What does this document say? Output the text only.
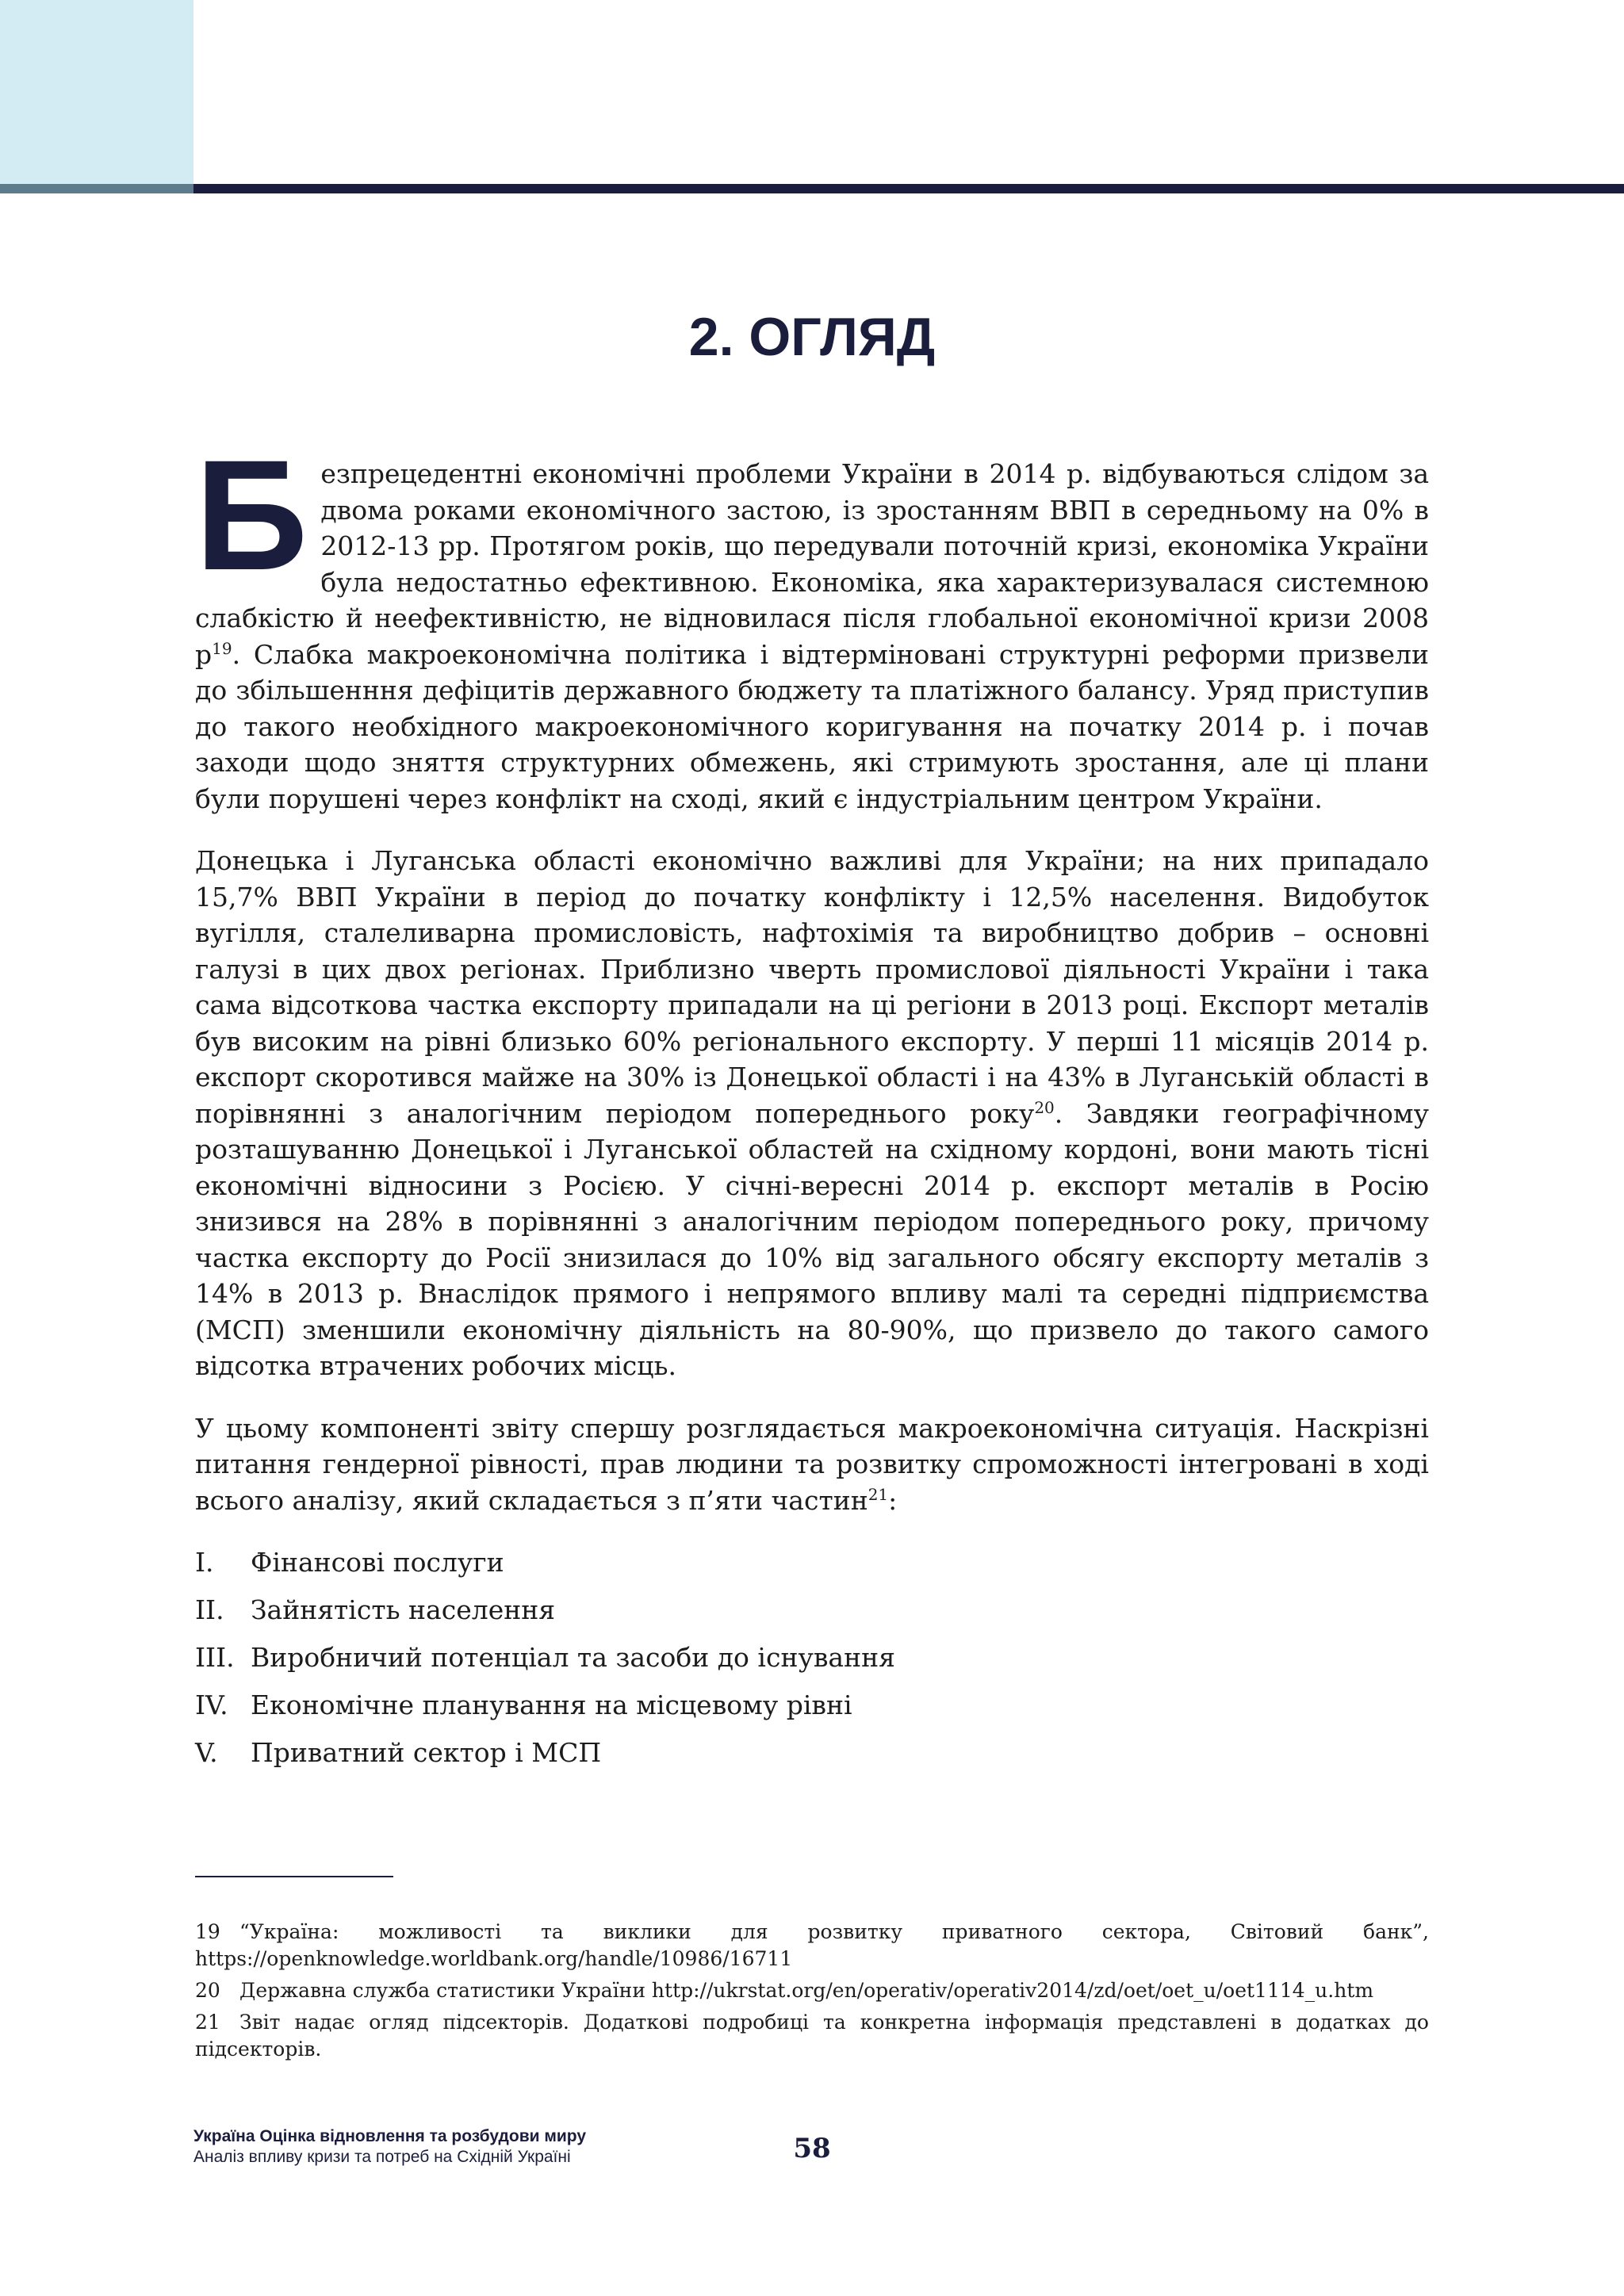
2. ОГЛЯД

Безпрецедентні економічні проблеми України в 2014 р. відбуваються слідом за двома роками економічного застою, із зростанням ВВП в середньому на 0% в 2012-13 рр. Протягом років, що передували поточній кризі, економіка України була недостатньо ефективною. Економіка, яка характеризувалася системною слабкістю й неефективністю, не відновилася після глобальної економічної кризи 2008 $р^{19}$. Слабка макроекономічна політика і відтерміновані структурні реформи призвели до збільшенння дефіцитів державного бюджету та платіжного балансу. Уряд приступив до такого необхідного макроекономічного коригування на початку 2014 р. і почав заходи щодо зняття структурних обмежень, які стримують зростання, але ці плани були порушені через конфлікт на сході, який є індустріальним центром України.

Донецька і Луганська області економічно важливі для України; на них припадало 15,7% ВВП України в період до початку конфлікту і 12,5% населення. Видобуток вугілля, сталеливарна промисловість, нафтохімія та виробництво добрив – основні галузі в цих двох регіонах. Приблизно чверть промислової діяльності України і така сама відсоткова частка експорту припадали на ці регіони в 2013 році. Експорт металів був високим на рівні близько 60% регіонального експорту. У перші 11 місяців 2014 р. експорт скоротився майже на 30% із Донецької області і на 43% в Луганській області в порівнянні з аналогічним періодом попереднього року$^{20}$. Завдяки географічному розташуванню Донецької і Луганської областей на східному кордоні, вони мають тісні економічні відносини з Росією. У січні-вересні 2014 р. експорт металів в Росію знизився на 28% в порівнянні з аналогічним періодом попереднього року, причому частка експорту до Росії знизилася до 10% від загального обсягу експорту металів з 14% в 2013 р. Внаслідок прямого і непрямого впливу малі та середні підприємства (МСП) зменшили економічну діяльність на 80-90%, що призвело до такого самого відсотка втрачених робочих місць.

У цьому компоненті звіту спершу розглядається макроекономічна ситуація. Наскрізні питання гендерної рівності, прав людини та розвитку спроможності інтегровані в ході всього аналізу, який складається з п’яти частин$^{21}$:

I.	Фінансові послуги
II.	Зайнятість населення
III. Виробничий потенціал та засоби до існування
IV. Економічне планування на місцевому рівні
V.	Приватний сектор і МСП

19 “Україна: можливості та виклики для розвитку приватного сектора, Світовий банк”, https://openknowledge.worldbank.org/handle/10986/16711

20 Державна служба статистики України http://ukrstat.org/en/operativ/operativ2014/zd/oet/oet_u/oet1114_u.htm

21 Звіт надає огляд підсекторів. Додаткові подробиці та конкретна інформація представлені в додатках до підсекторів.

Україна Оцінка відновлення та розбудови миру
Аналіз впливу кризи та потреб на Східній Україні	58
